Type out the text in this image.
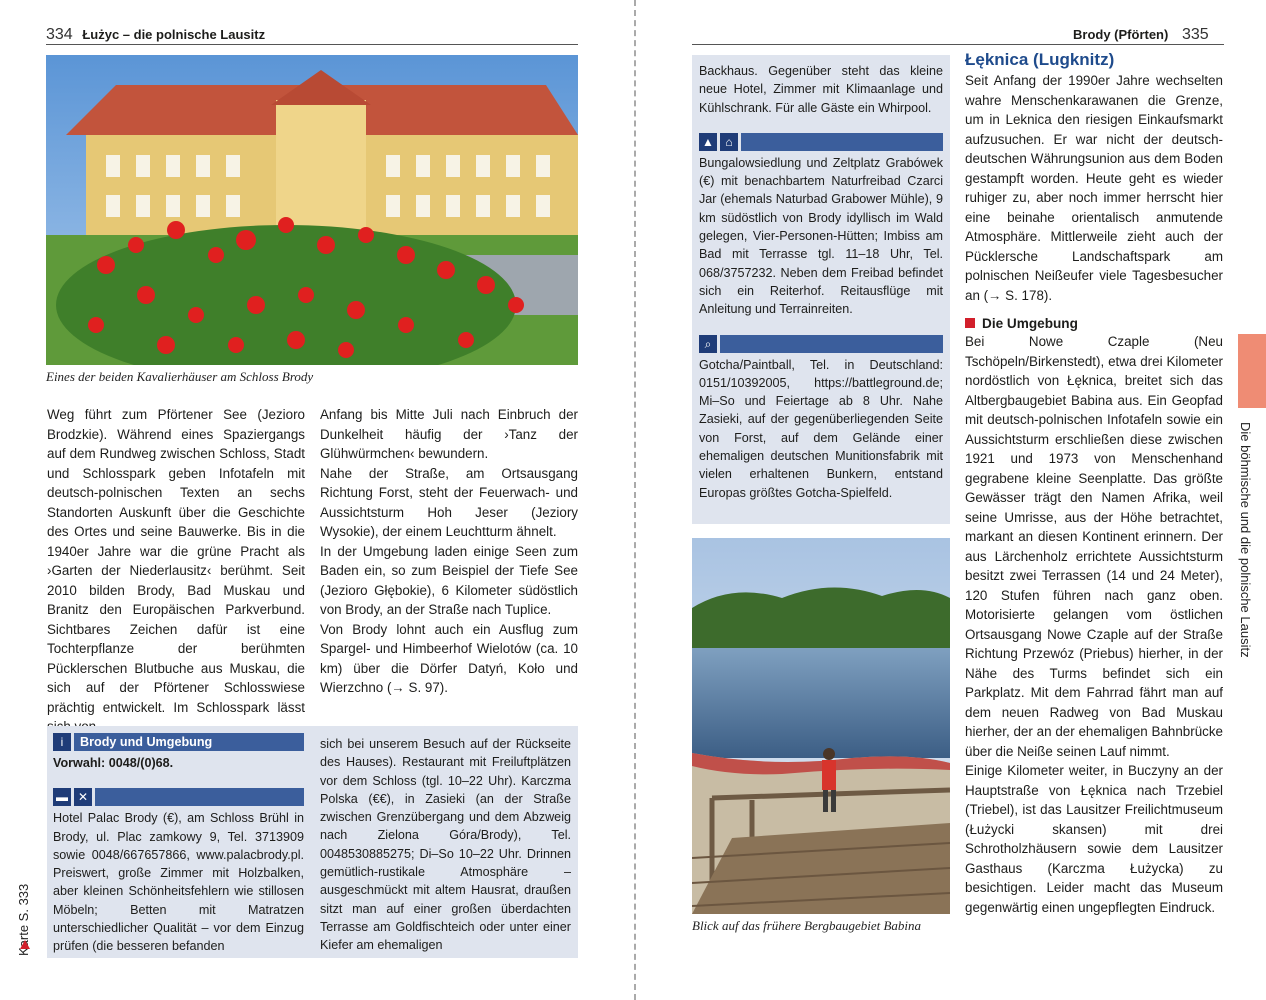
334 Łużyc – die polnische Lausitz
Eines der beiden Kavalierhäuser am Schloss Brody

Weg führt zum Pförtener See (Jezioro Brodzkie). Während eines Spaziergangs auf dem Rundweg zwischen Schloss, Stadt und Schlosspark geben Infotafeln mit deutsch-polnischen Texten an sechs Standorten Auskunft über die Geschichte des Ortes und seine Bauwerke. Bis in die 1940er Jahre war die grüne Pracht als ›Garten der Niederlausitz‹ berühmt. Seit 2010 bilden Brody, Bad Muskau und Branitz den Europäischen Parkverbund. Sichtbares Zeichen dafür ist eine Tochterpflanze der berühmten Pücklerschen Blutbuche aus Muskau, die sich auf der Pförtener Schlosswiese prächtig entwickelt. Im Schlosspark lässt

Anfang bis Mitte Juli nach Einbruch der Dunkelheit häufig der ›Tanz der Glühwürmchen‹ bewundern.

Nahe der Straße, am Ortsausgang Richtung Forst, steht der Feuerwach- und Aussichtsturm Hoh Jeser (Jeziory Wysokie), der einem Leuchtturm ähnelt.

In der Umgebung laden einige Seen zum Baden ein, so zum Beispiel der Tiefe See (Jezioro Głębokie), 6 Kilometer südöstlich von Brody, an der Straße nach Tuplice.

Von Brody lohnt auch ein Ausflug zum Spargel- und Himbeerhof Wielotów (ca. 10 km) über die Dörfer Datyń, Koło und Wierzchno (→ S. 97).

i	Brody und Umgebung
Vorwahl: 0048/(0)68.
▬ ✕
Hotel Palac Brody (€), am Schloss Brühl in Brody, ul. Plac zamkowy 9, Tel. 3713909 sowie 0048/667657866, www.palacbrody.pl. Preiswert, große Zimmer mit Holzbalken, aber kleinen Schönheitsfehlern wie stillosen Möbeln; Betten mit Matratzen unterschiedlicher Qualität – vor dem Einzug prüfen (die besseren befanden
sich bei unserem Besuch auf der Rückseite des Hauses). Restaurant mit Freiluftplätzen vor dem Schloss (tgl. 10–22 Uhr). Karczma Polska (€€), in Zasieki (an der Straße zwischen Grenzübergang und dem Abzweig nach Zielona Góra/Brody), Tel. 0048530885275; Di–So 10–22 Uhr. Drinnen gemütlich-rustikale Atmosphäre – ausgeschmückt mit altem Hausrat, draußen sitzt man auf einer großen überdachten Terrasse am Goldfischteich oder unter einer Kiefer am ehemaligen
Karte S. 333
Brody (Pförten) 335
Backhaus. Gegenüber steht das kleine neue Hotel, Zimmer mit Klimaanlage und Kühlschrank. Für alle Gäste ein Whirpool.
▲ ⌂
Bungalowsiedlung und Zeltplatz Grabówek (€) mit benachbartem Naturfreibad Czarci Jar (ehemals Naturbad Grabower Mühle), 9 km südöstlich von Brody idyllisch im Wald gelegen, Vier-Personen-Hütten; Imbiss am Bad mit Terrasse tgl. 11–18 Uhr, Tel. 068/3757232. Neben dem Freibad befindet sich ein Reiterhof. Reitausflüge mit Anleitung und Terrainreiten.
⌕
Gotcha/Paintball, Tel. in Deutschland: 0151/10392005, https://battleground.de; Mi–So und Feiertage ab 8 Uhr. Nahe Zasieki, auf der gegenüberliegenden Seite von Forst, auf dem Gelände einer ehemaligen deutschen Munitionsfabrik mit vielen erhaltenen Bunkern, entstand Europas größtes Gotcha-Spielfeld.
Blick auf das frühere Bergbaugebiet Babina
Łęknica (Lugknitz)

Seit Anfang der 1990er Jahre wechselten wahre Menschenkarawanen die Grenze, um in Leknica den riesigen Einkaufsmarkt aufzusuchen. Er war nicht der deutsch-deutschen Währungsunion aus dem Boden gestampft worden. Heute geht es wieder ruhiger zu, aber noch immer herrscht hier eine beinahe orientalisch anmutende Atmosphäre. Mittlerweile zieht auch der Pücklersche Landschaftspark am polnischen Neißeufer viele Tagesbesucher an (→ S. 178).

Die Umgebung

Bei Nowe Czaple (Neu Tschöpeln/Birkenstedt), etwa drei Kilometer nordöstlich von Łęknica, breitet sich das Altbergbaugebiet Babina aus. Ein Geopfad mit deutsch-polnischen Infotafeln sowie ein Aussichtsturm erschließen diese zwischen 1921 und 1973 von Menschenhand gegrabene kleine Seenplatte. Das größte Gewässer trägt den Namen Afrika, weil seine Umrisse, aus der Höhe betrachtet, markant an diesen Kontinent erinnern. Der aus Lärchenholz errichtete Aussichtsturm besitzt zwei Terrassen (14 und 24 Meter), 120 Stufen führen nach ganz oben. Motorisierte gelangen vom östlichen Ortsausgang Nowe Czaple auf der Straße Richtung Przewóz (Priebus) hierher, in der Nähe des Turms befindet sich ein Parkplatz. Mit dem Fahrrad fährt man auf dem neuen Radweg von Bad Muskau hierher, der an der ehemaligen Bahnbrücke über die Neiße seinen Lauf nimmt.

Einige Kilometer weiter, in Buczyny an der Hauptstraße von Łęknica nach Trzebiel (Triebel), ist das Lausitzer Freilichtmuseum (Łużycki skansen) mit drei Schrotholzhäusern sowie dem Lausitzer Gasthaus (Karczma Łużycka) zu besichtigen. Leider macht das Museum gegenwärtig einen ungepflegten Eindruck.

Die böhmische und die polnische Lausitz
